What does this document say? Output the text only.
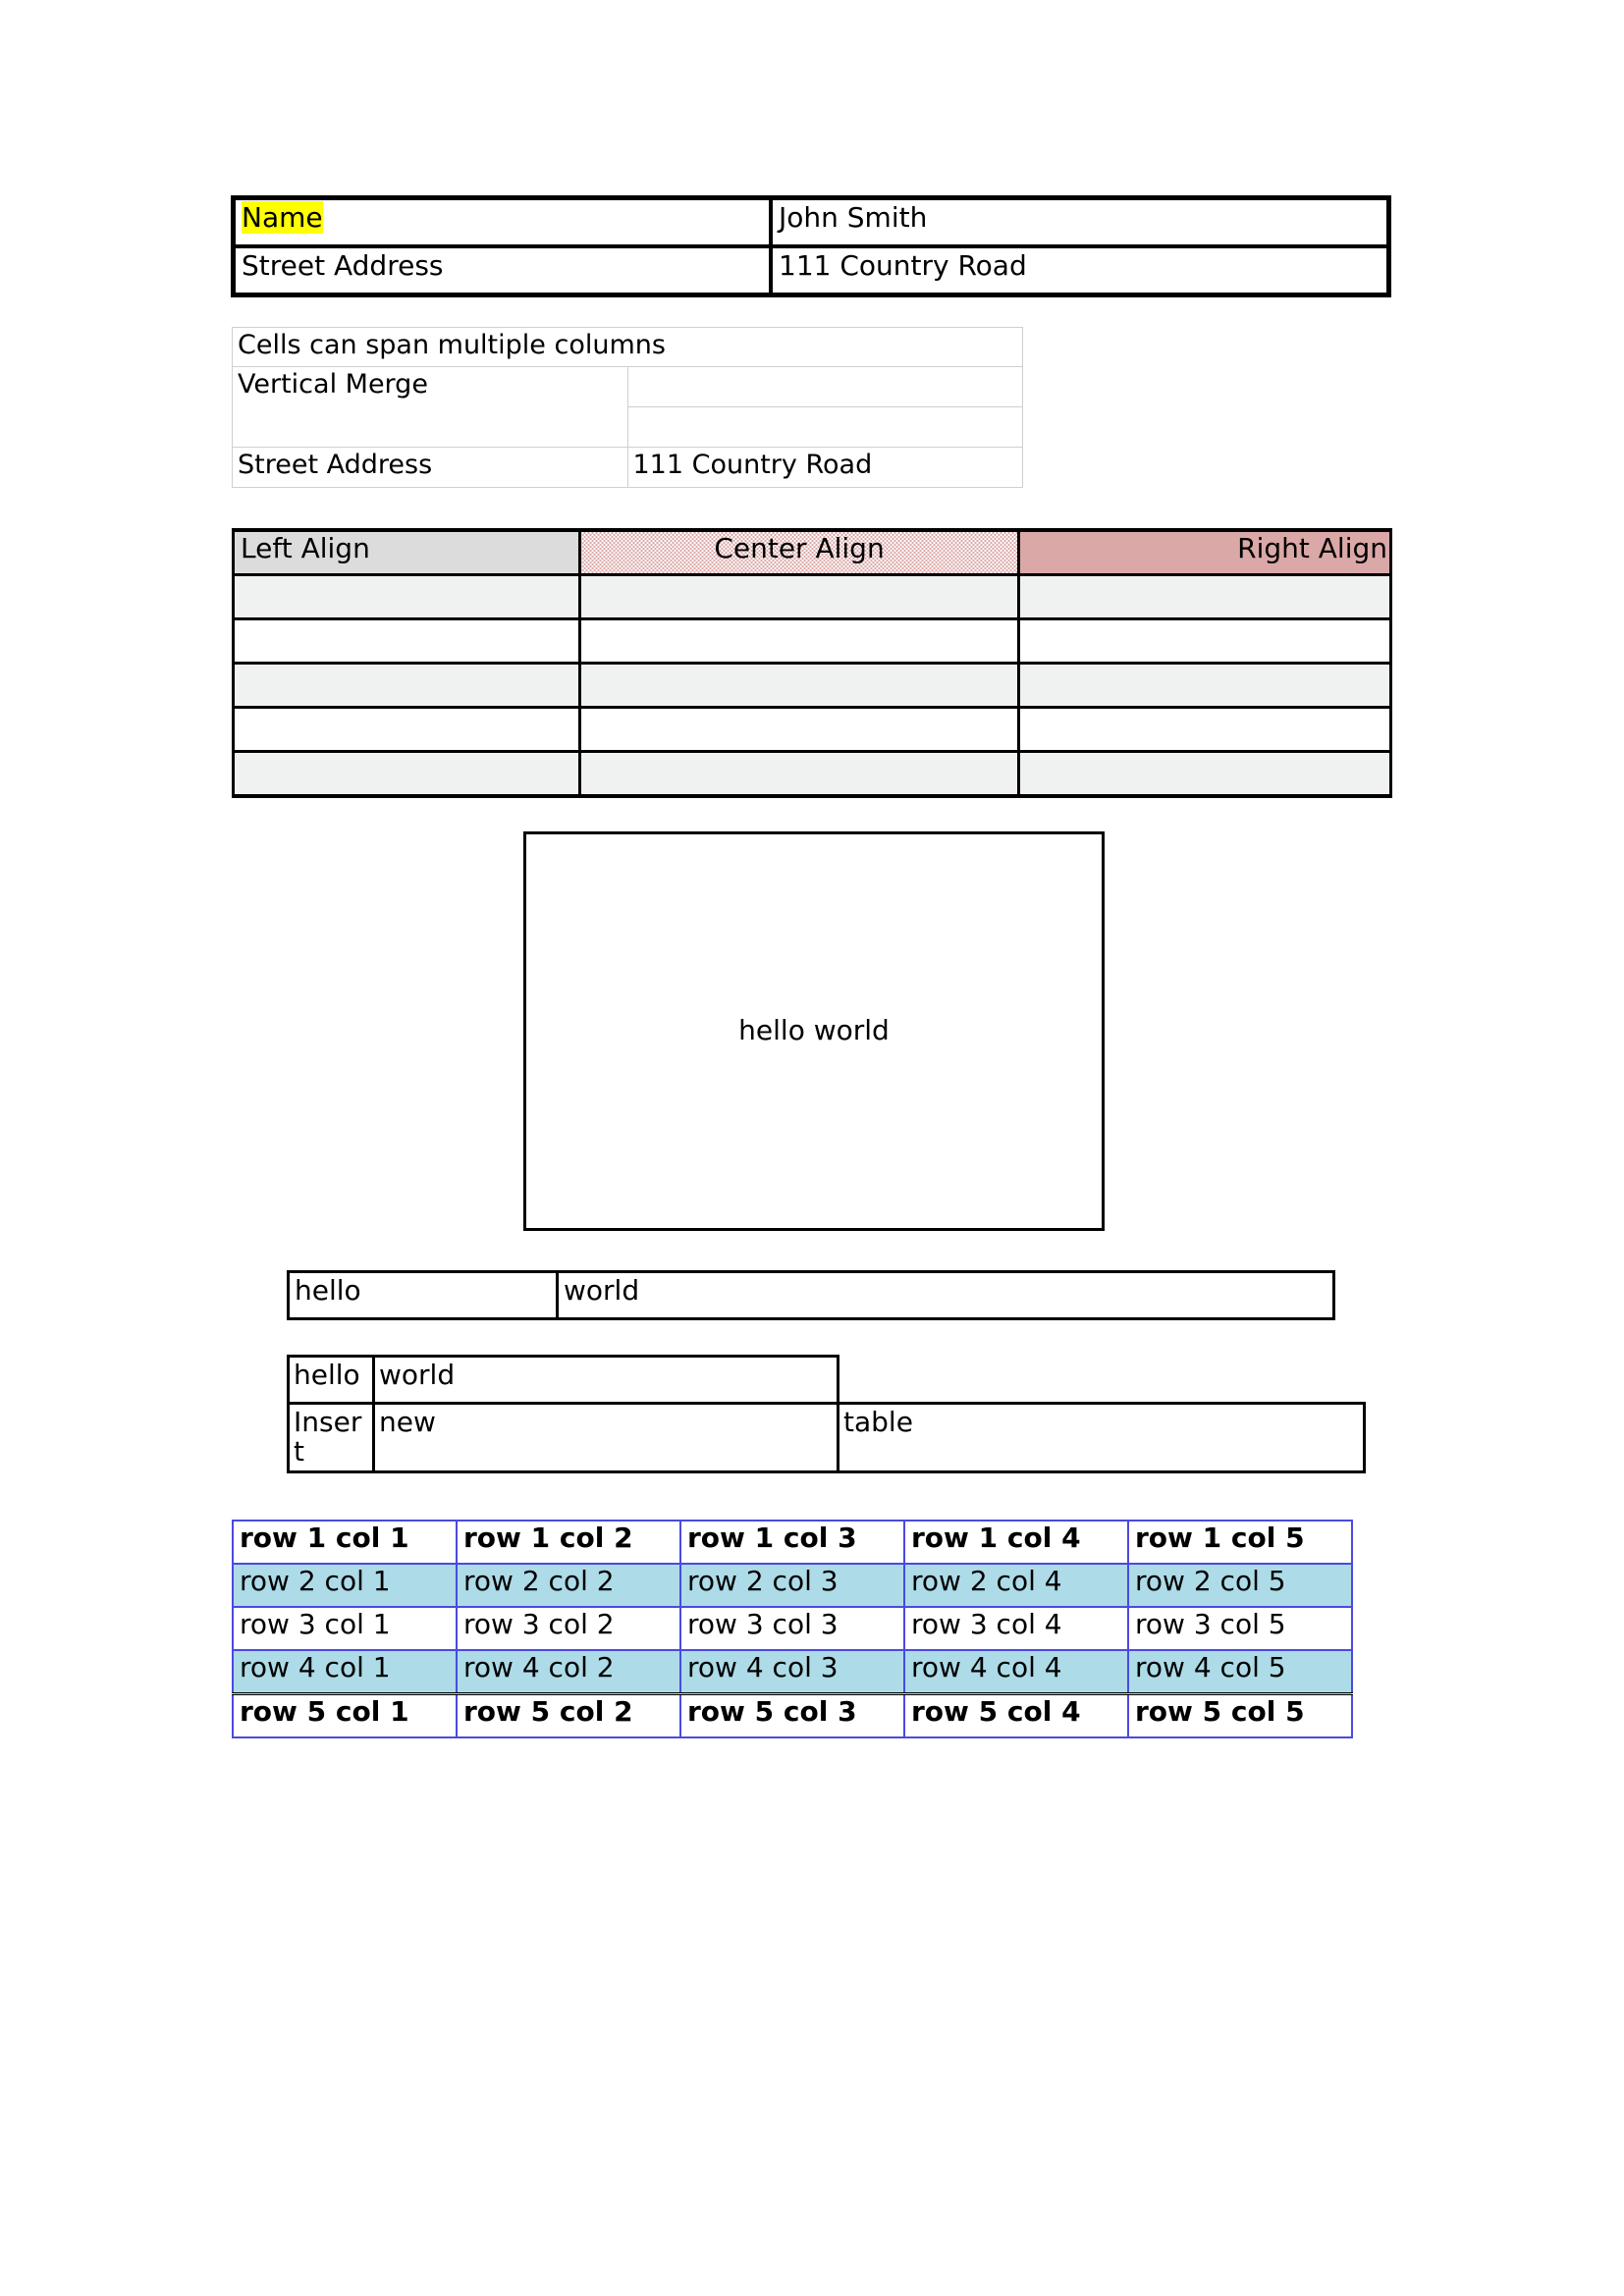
Name	John Smith
Street Address	111 Country Road
Cells can span multiple columns	
Vertical Merge	

Street Address	111 Country Road
Left Align	Center Align	Right Align

hello world
hello	world
hello	world	
Insert	new	table
row 1 col 1	row 1 col 2	row 1 col 3	row 1 col 4	row 1 col 5
row 2 col 1	row 2 col 2	row 2 col 3	row 2 col 4	row 2 col 5
row 3 col 1	row 3 col 2	row 3 col 3	row 3 col 4	row 3 col 5
row 4 col 1	row 4 col 2	row 4 col 3	row 4 col 4	row 4 col 5
row 5 col 1	row 5 col 2	row 5 col 3	row 5 col 4	row 5 col 5
